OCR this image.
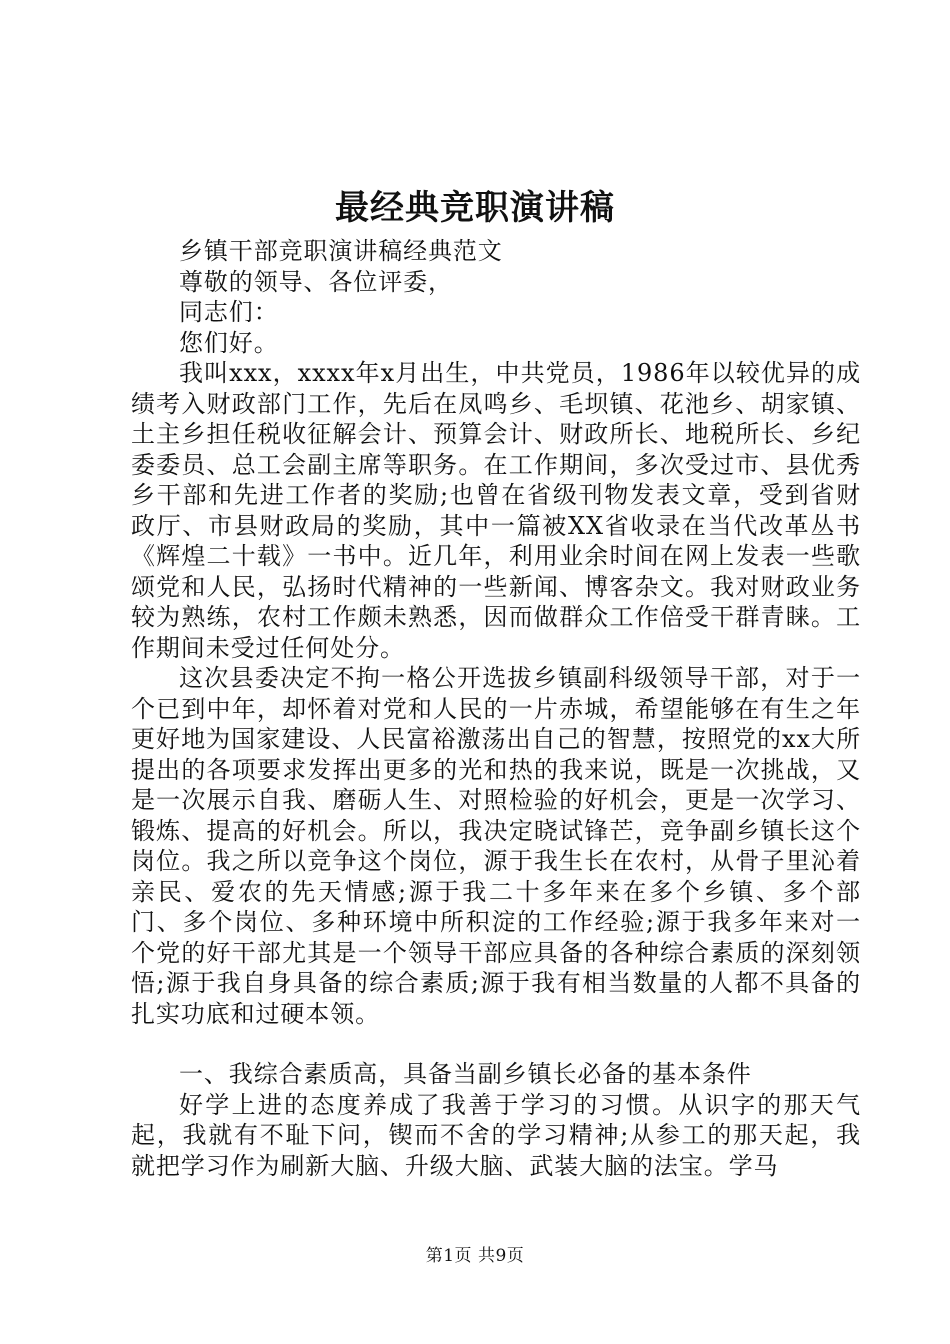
最经典竞职演讲稿

乡镇干部竞职演讲稿经典范文

尊敬的领导、各位评委，

同志们：

您们好。

我叫xxx，xxxx年x月出生，中共党员，1986年以较优异的成绩考入财政部门工作，先后在凤鸣乡、毛坝镇、花池乡、胡家镇、土主乡担任税收征解会计、预算会计、财政所长、地税所长、乡纪委委员、总工会副主席等职务。在工作期间，多次受过市、县优秀乡干部和先进工作者的奖励;也曾在省级刊物发表文章，受到省财政厅、市县财政局的奖励，其中一篇被XX省收录在当代改革丛书《辉煌二十载》一书中。近几年，利用业余时间在网上发表一些歌颂党和人民，弘扬时代精神的一些新闻、博客杂文。我对财政业务较为熟练，农村工作颇未熟悉，因而做群众工作倍受干群青睐。工作期间未受过任何处分。

这次县委决定不拘一格公开选拔乡镇副科级领导干部，对于一个已到中年，却怀着对党和人民的一片赤城，希望能够在有生之年更好地为国家建设、人民富裕激荡出自己的智慧，按照党的xx大所提出的各项要求发挥出更多的光和热的我来说，既是一次挑战，又是一次展示自我、磨砺人生、对照检验的好机会，更是一次学习、锻炼、提高的好机会。所以，我决定晓试锋芒，竞争副乡镇长这个岗位。我之所以竞争这个岗位，源于我生长在农村，从骨子里沁着亲民、爱农的先天情感;源于我二十多年来在多个乡镇、多个部门、多个岗位、多种环境中所积淀的工作经验;源于我多年来对一个党的好干部尤其是一个领导干部应具备的各种综合素质的深刻领悟;源于我自身具备的综合素质;源于我有相当数量的人都不具备的扎实功底和过硬本领。

一、我综合素质高，具备当副乡镇长必备的基本条件

好学上进的态度养成了我善于学习的习惯。从识字的那天气起，我就有不耻下问，锲而不舍的学习精神;从参工的那天起，我就把学习作为刷新大脑、升级大脑、武装大脑的法宝。学马

第1页 共9页
